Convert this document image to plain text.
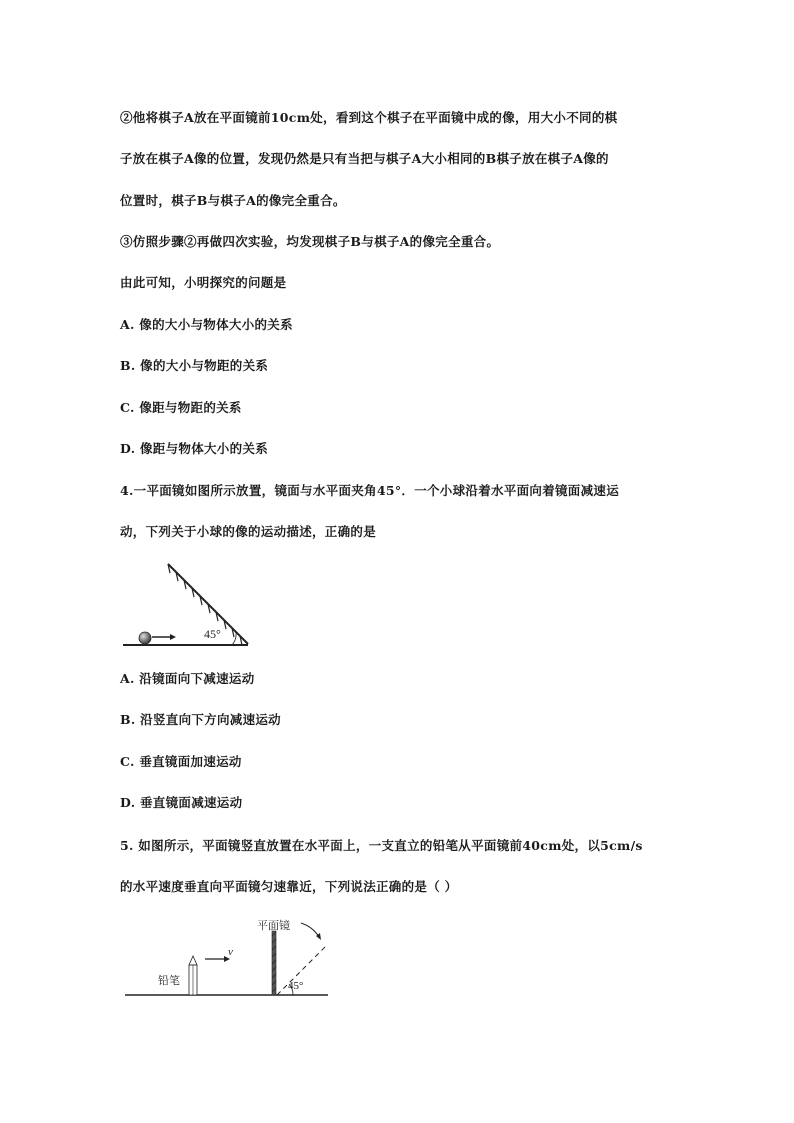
②他将棋子A放在平面镜前10cm处，看到这个棋子在平面镜中成的像，用大小不同的棋
子放在棋子A像的位置，发现仍然是只有当把与棋子A大小相同的B棋子放在棋子A像的
位置时，棋子B与棋子A的像完全重合。
③仿照步骤②再做四次实验，均发现棋子B与棋子A的像完全重合。
由此可知，小明探究的问题是
A. 像的大小与物体大小的关系
B. 像的大小与物距的关系
C. 像距与物距的关系
D. 像距与物体大小的关系
4.一平面镜如图所示放置，镜面与水平面夹角45°．一个小球沿着水平面向着镜面减速运
动，下列关于小球的像的运动描述，正确的是
45°
A. 沿镜面向下减速运动
B. 沿竖直向下方向减速运动
C. 垂直镜面加速运动
D. 垂直镜面减速运动
5. 如图所示，平面镜竖直放置在水平面上，一支直立的铅笔从平面镜前40cm处，以5cm/s
的水平速度垂直向平面镜匀速靠近，下列说法正确的是（ ）
45°
平面镜
铅笔
v
